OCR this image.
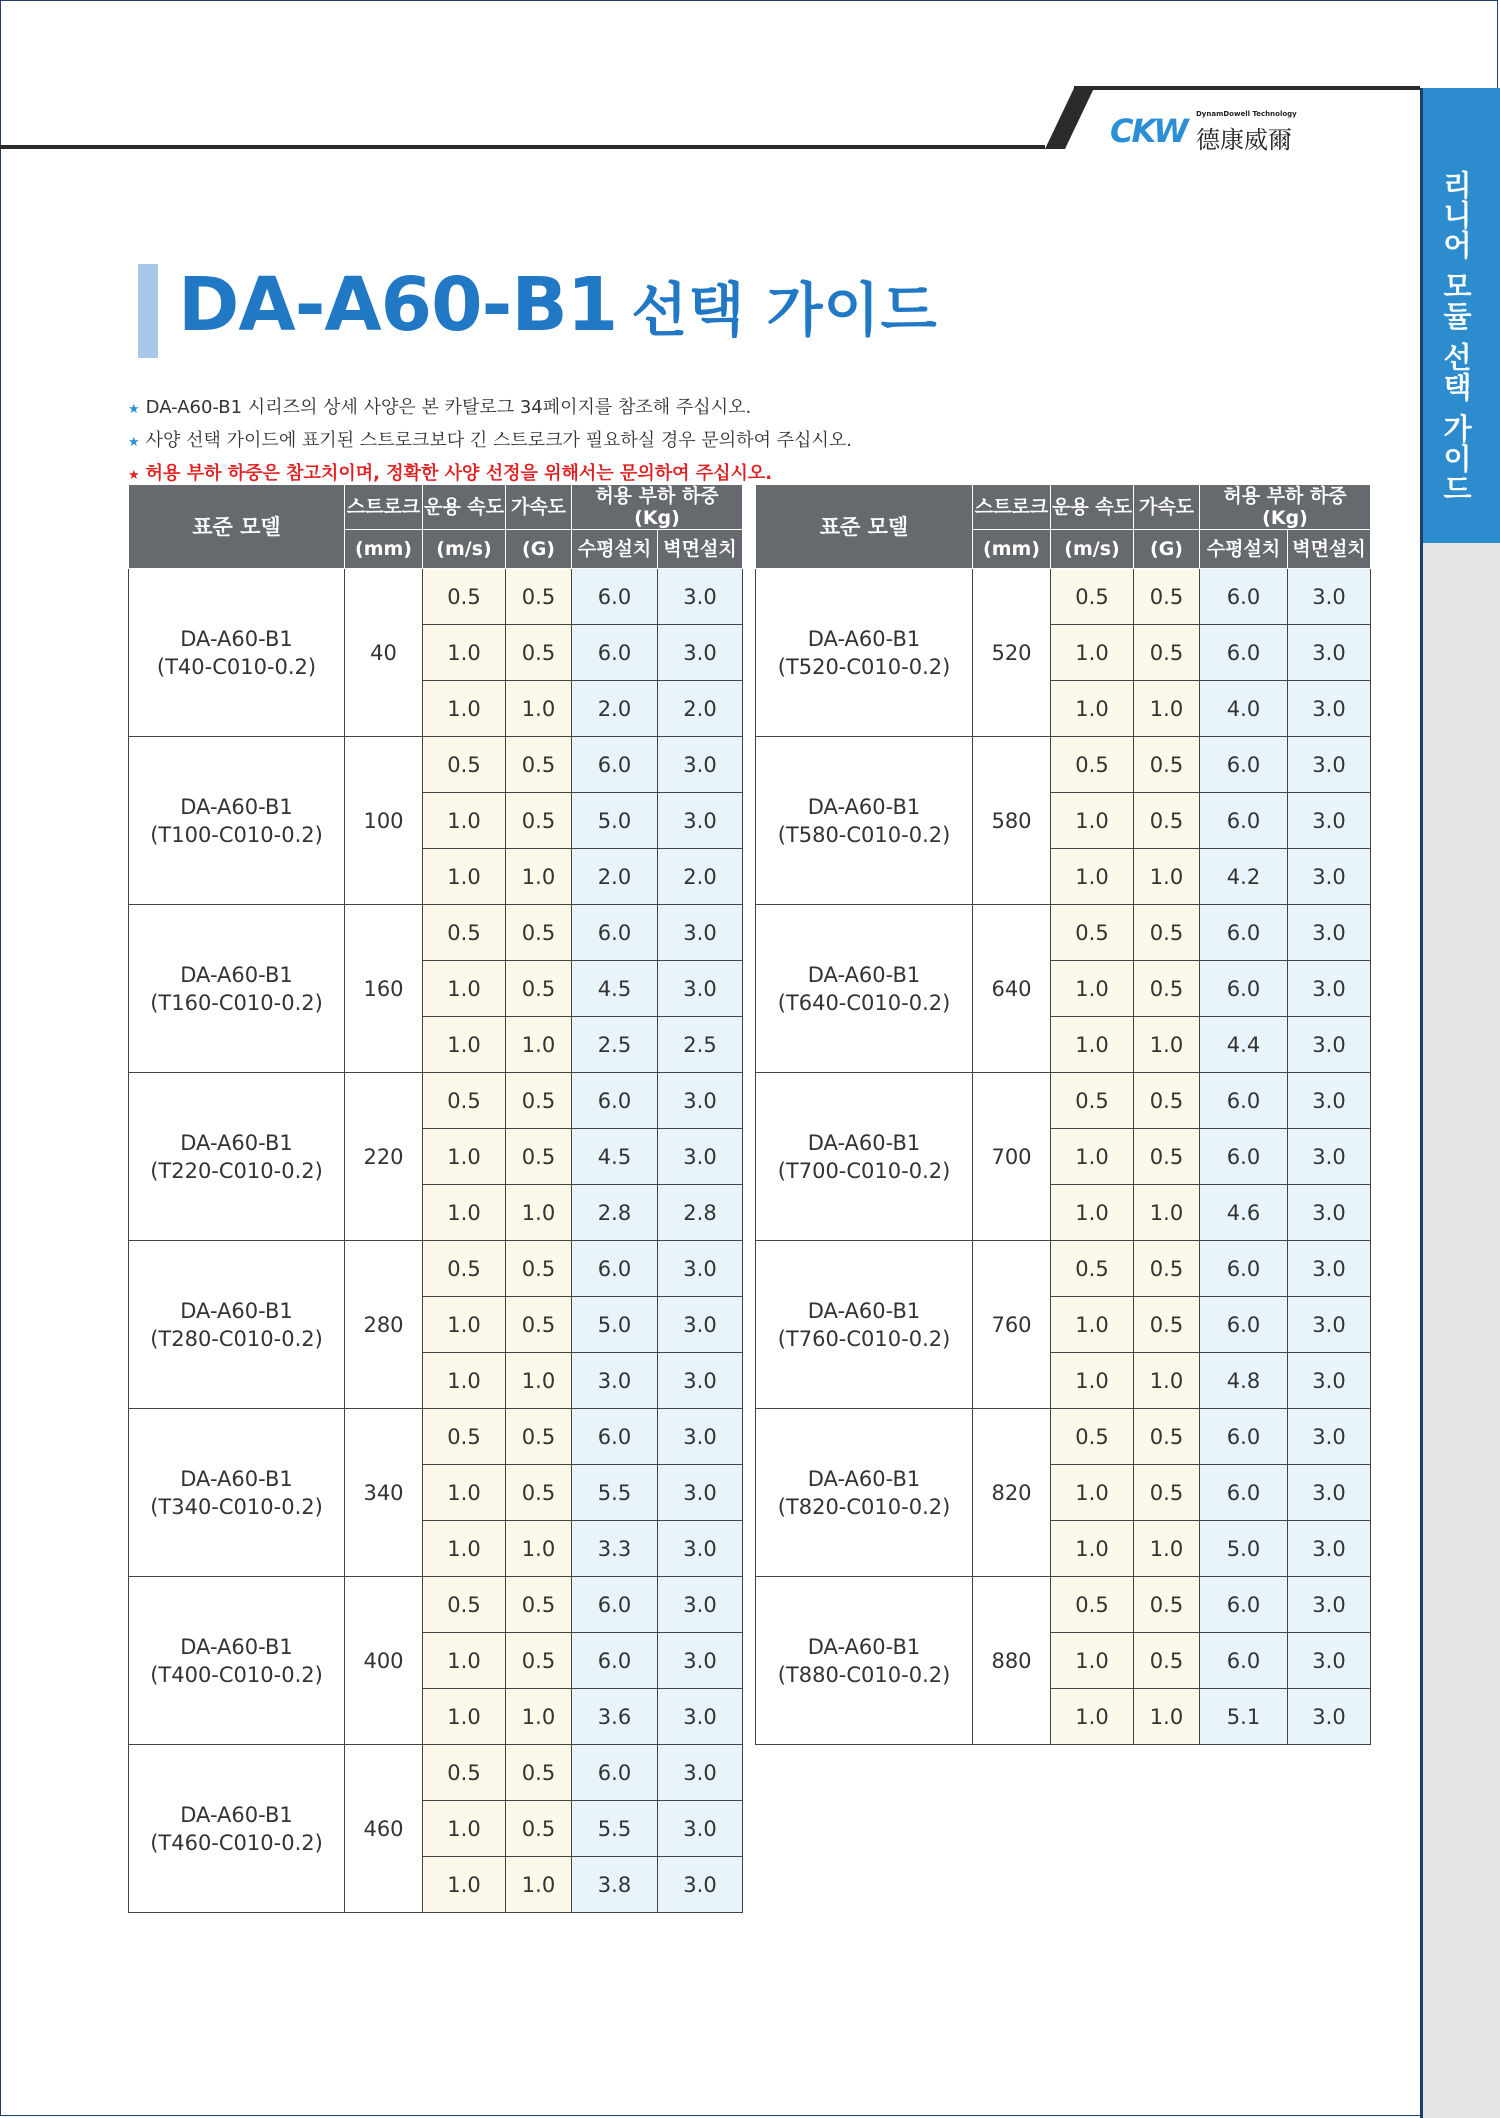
CKW DynamDowell Technology
德康威爾
리니어 모듈 선택 가이드
DA-A60-B1 선택 가이드
★ DA-A60-B1 시리즈의 상세 사양은 본 카탈로그 34페이지를 참조해 주십시오.
★ 사양 선택 가이드에 표기된 스트로크보다 긴 스트로크가 필요하실 경우 문의하여 주십시오.
★ 허용 부하 하중은 참고치이며, 정확한 사양 선정을 위해서는 문의하여 주십시오.
표준 모델	스트로크	운용 속도	가속도	허용 부하 하중 (Kg)	
	(mm)	(m/s)	(G)	수평설치	벽면설치

DA-A60-B1
(T40-C010-0.2)	40	0.5	0.5	6.0	3.0
		1.0	0.5	6.0	3.0
		1.0	1.0	2.0	2.0

DA-A60-B1
(T100-C010-0.2)	100	0.5	0.5	6.0	3.0
		1.0	0.5	5.0	3.0
		1.0	1.0	2.0	2.0

DA-A60-B1
(T160-C010-0.2)	160	0.5	0.5	6.0	3.0
		1.0	0.5	4.5	3.0
		1.0	1.0	2.5	2.5

DA-A60-B1
(T220-C010-0.2)	220	0.5	0.5	6.0	3.0
		1.0	0.5	4.5	3.0
		1.0	1.0	2.8	2.8

DA-A60-B1
(T280-C010-0.2)	280	0.5	0.5	6.0	3.0
		1.0	0.5	5.0	3.0
		1.0	1.0	3.0	3.0

DA-A60-B1
(T340-C010-0.2)	340	0.5	0.5	6.0	3.0
		1.0	0.5	5.5	3.0
		1.0	1.0	3.3	3.0

DA-A60-B1
(T400-C010-0.2)	400	0.5	0.5	6.0	3.0
		1.0	0.5	6.0	3.0
		1.0	1.0	3.6	3.0

DA-A60-B1
(T460-C010-0.2)	460	0.5	0.5	6.0	3.0
		1.0	0.5	5.5	3.0
		1.0	1.0	3.8	3.0
표준 모델	스트로크	운용 속도	가속도	허용 부하 하중 (Kg)	
	(mm)	(m/s)	(G)	수평설치	벽면설치

DA-A60-B1
(T520-C010-0.2)	520	0.5	0.5	6.0	3.0
		1.0	0.5	6.0	3.0
		1.0	1.0	4.0	3.0

DA-A60-B1
(T580-C010-0.2)	580	0.5	0.5	6.0	3.0
		1.0	0.5	6.0	3.0
		1.0	1.0	4.2	3.0

DA-A60-B1
(T640-C010-0.2)	640	0.5	0.5	6.0	3.0
		1.0	0.5	6.0	3.0
		1.0	1.0	4.4	3.0

DA-A60-B1
(T700-C010-0.2)	700	0.5	0.5	6.0	3.0
		1.0	0.5	6.0	3.0
		1.0	1.0	4.6	3.0

DA-A60-B1
(T760-C010-0.2)	760	0.5	0.5	6.0	3.0
		1.0	0.5	6.0	3.0
		1.0	1.0	4.8	3.0

DA-A60-B1
(T820-C010-0.2)	820	0.5	0.5	6.0	3.0
		1.0	0.5	6.0	3.0
		1.0	1.0	5.0	3.0

DA-A60-B1
(T880-C010-0.2)	880	0.5	0.5	6.0	3.0
		1.0	0.5	6.0	3.0
		1.0	1.0	5.1	3.0
